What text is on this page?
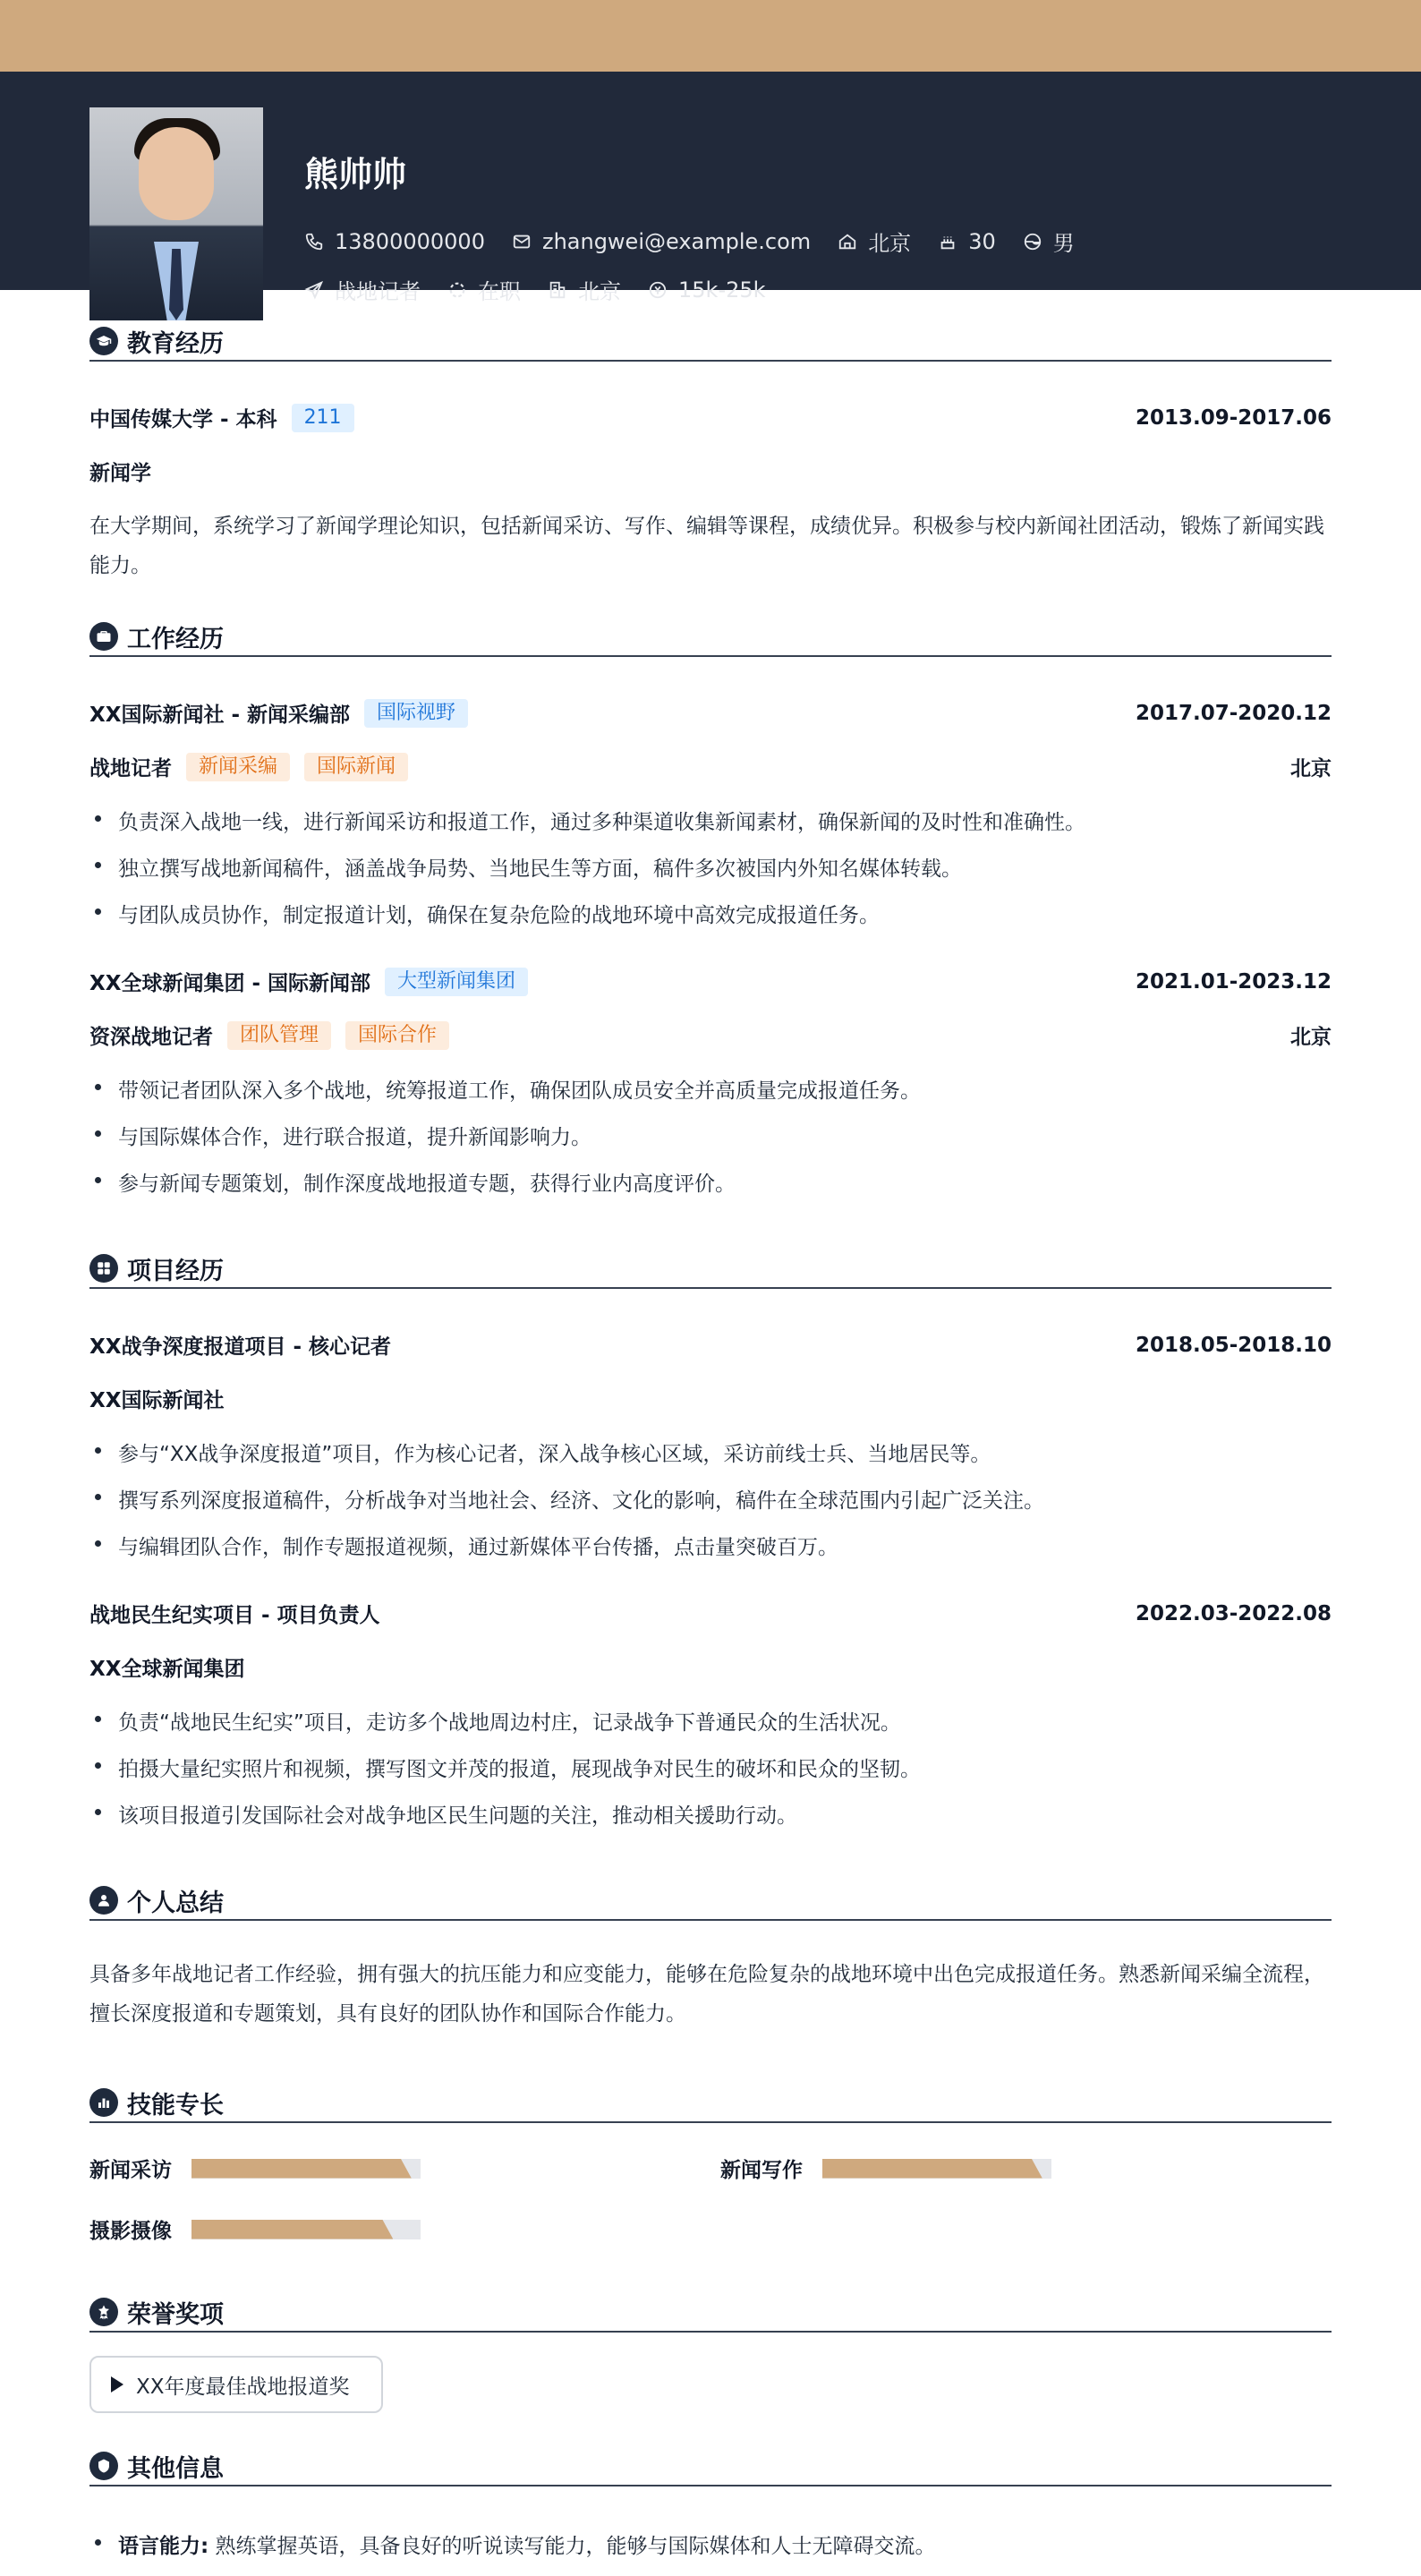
熊帅帅
13800000000	zhangwei@example.com	北京	30	男
战地记者	在职	北京	15k-25k
教育经历
中国传媒大学 - 本科	211	2013.09-2017.06
新闻学
在大学期间，系统学习了新闻学理论知识，包括新闻采访、写作、编辑等课程，成绩优异。积极参与校内新闻社团活动，锻炼了新闻实践能力。
工作经历
XX国际新闻社 - 新闻采编部	国际视野	2017.07-2020.12
战地记者	新闻采编	国际新闻	北京
负责深入战地一线，进行新闻采访和报道工作，通过多种渠道收集新闻素材，确保新闻的及时性和准确性。
独立撰写战地新闻稿件，涵盖战争局势、当地民生等方面，稿件多次被国内外知名媒体转载。
与团队成员协作，制定报道计划，确保在复杂危险的战地环境中高效完成报道任务。
XX全球新闻集团 - 国际新闻部	大型新闻集团	2021.01-2023.12
资深战地记者	团队管理	国际合作	北京
带领记者团队深入多个战地，统筹报道工作，确保团队成员安全并高质量完成报道任务。
与国际媒体合作，进行联合报道，提升新闻影响力。
参与新闻专题策划，制作深度战地报道专题，获得行业内高度评价。
项目经历
XX战争深度报道项目 - 核心记者	2018.05-2018.10
XX国际新闻社
参与“XX战争深度报道”项目，作为核心记者，深入战争核心区域，采访前线士兵、当地居民等。
撰写系列深度报道稿件，分析战争对当地社会、经济、文化的影响，稿件在全球范围内引起广泛关注。
与编辑团队合作，制作专题报道视频，通过新媒体平台传播，点击量突破百万。
战地民生纪实项目 - 项目负责人	2022.03-2022.08
XX全球新闻集团
负责“战地民生纪实”项目，走访多个战地周边村庄，记录战争下普通民众的生活状况。
拍摄大量纪实照片和视频，撰写图文并茂的报道，展现战争对民生的破坏和民众的坚韧。
该项目报道引发国际社会对战争地区民生问题的关注，推动相关援助行动。
个人总结
具备多年战地记者工作经验，拥有强大的抗压能力和应变能力，能够在危险复杂的战地环境中出色完成报道任务。熟悉新闻采编全流程，擅长深度报道和专题策划，具有良好的团队协作和国际合作能力。
技能专长
新闻采访	新闻写作
摄影摄像
荣誉奖项
XX年度最佳战地报道奖
其他信息
语言能力: 熟练掌握英语，具备良好的听说读写能力，能够与国际媒体和人士无障碍交流。
